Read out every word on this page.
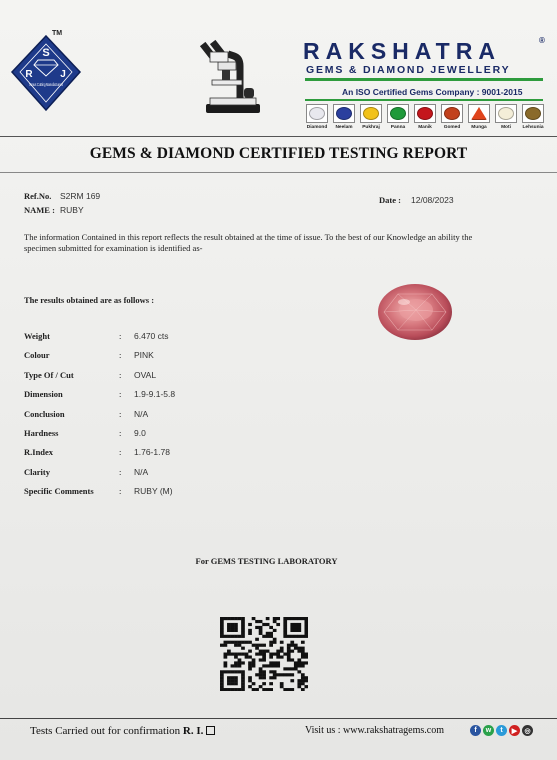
S
R	J
Venus Cutting Manufacturers
TM
RAKSHATRA	®
GEMS & DIAMOND JEWELLERY
An ISO Certified Gems Company : 9001-2015
Diamond Neelam Pukhraj Panna	Manik Gomed Munga	Moti Lehsunia
GEMS & DIAMOND CERTIFIED TESTING REPORT
Ref.No. S2RM 169
NAME : RUBY
Date : 12/08/2023
The information Contained in this report reflects the result obtained at the time of issue. To the best of our Knowledge an ability the specimen submitted for examination is identified as-
The results obtained are as follows :
Weight	: 6.470 cts
Colour	: PINK
Type Of / Cut	: OVAL
Dimension	: 1.9-9.1-5.8
Conclusion	: N/A
Hardness	: 9.0
R.Index	: 1.76-1.78
Clarity	: N/A
Specific Comments	: RUBY (M)
For GEMS TESTING LABORATORY
Tests Carried out for confirmation R. I.	Visit us : www.rakshatragems.com	f	w	t	▶	◎
